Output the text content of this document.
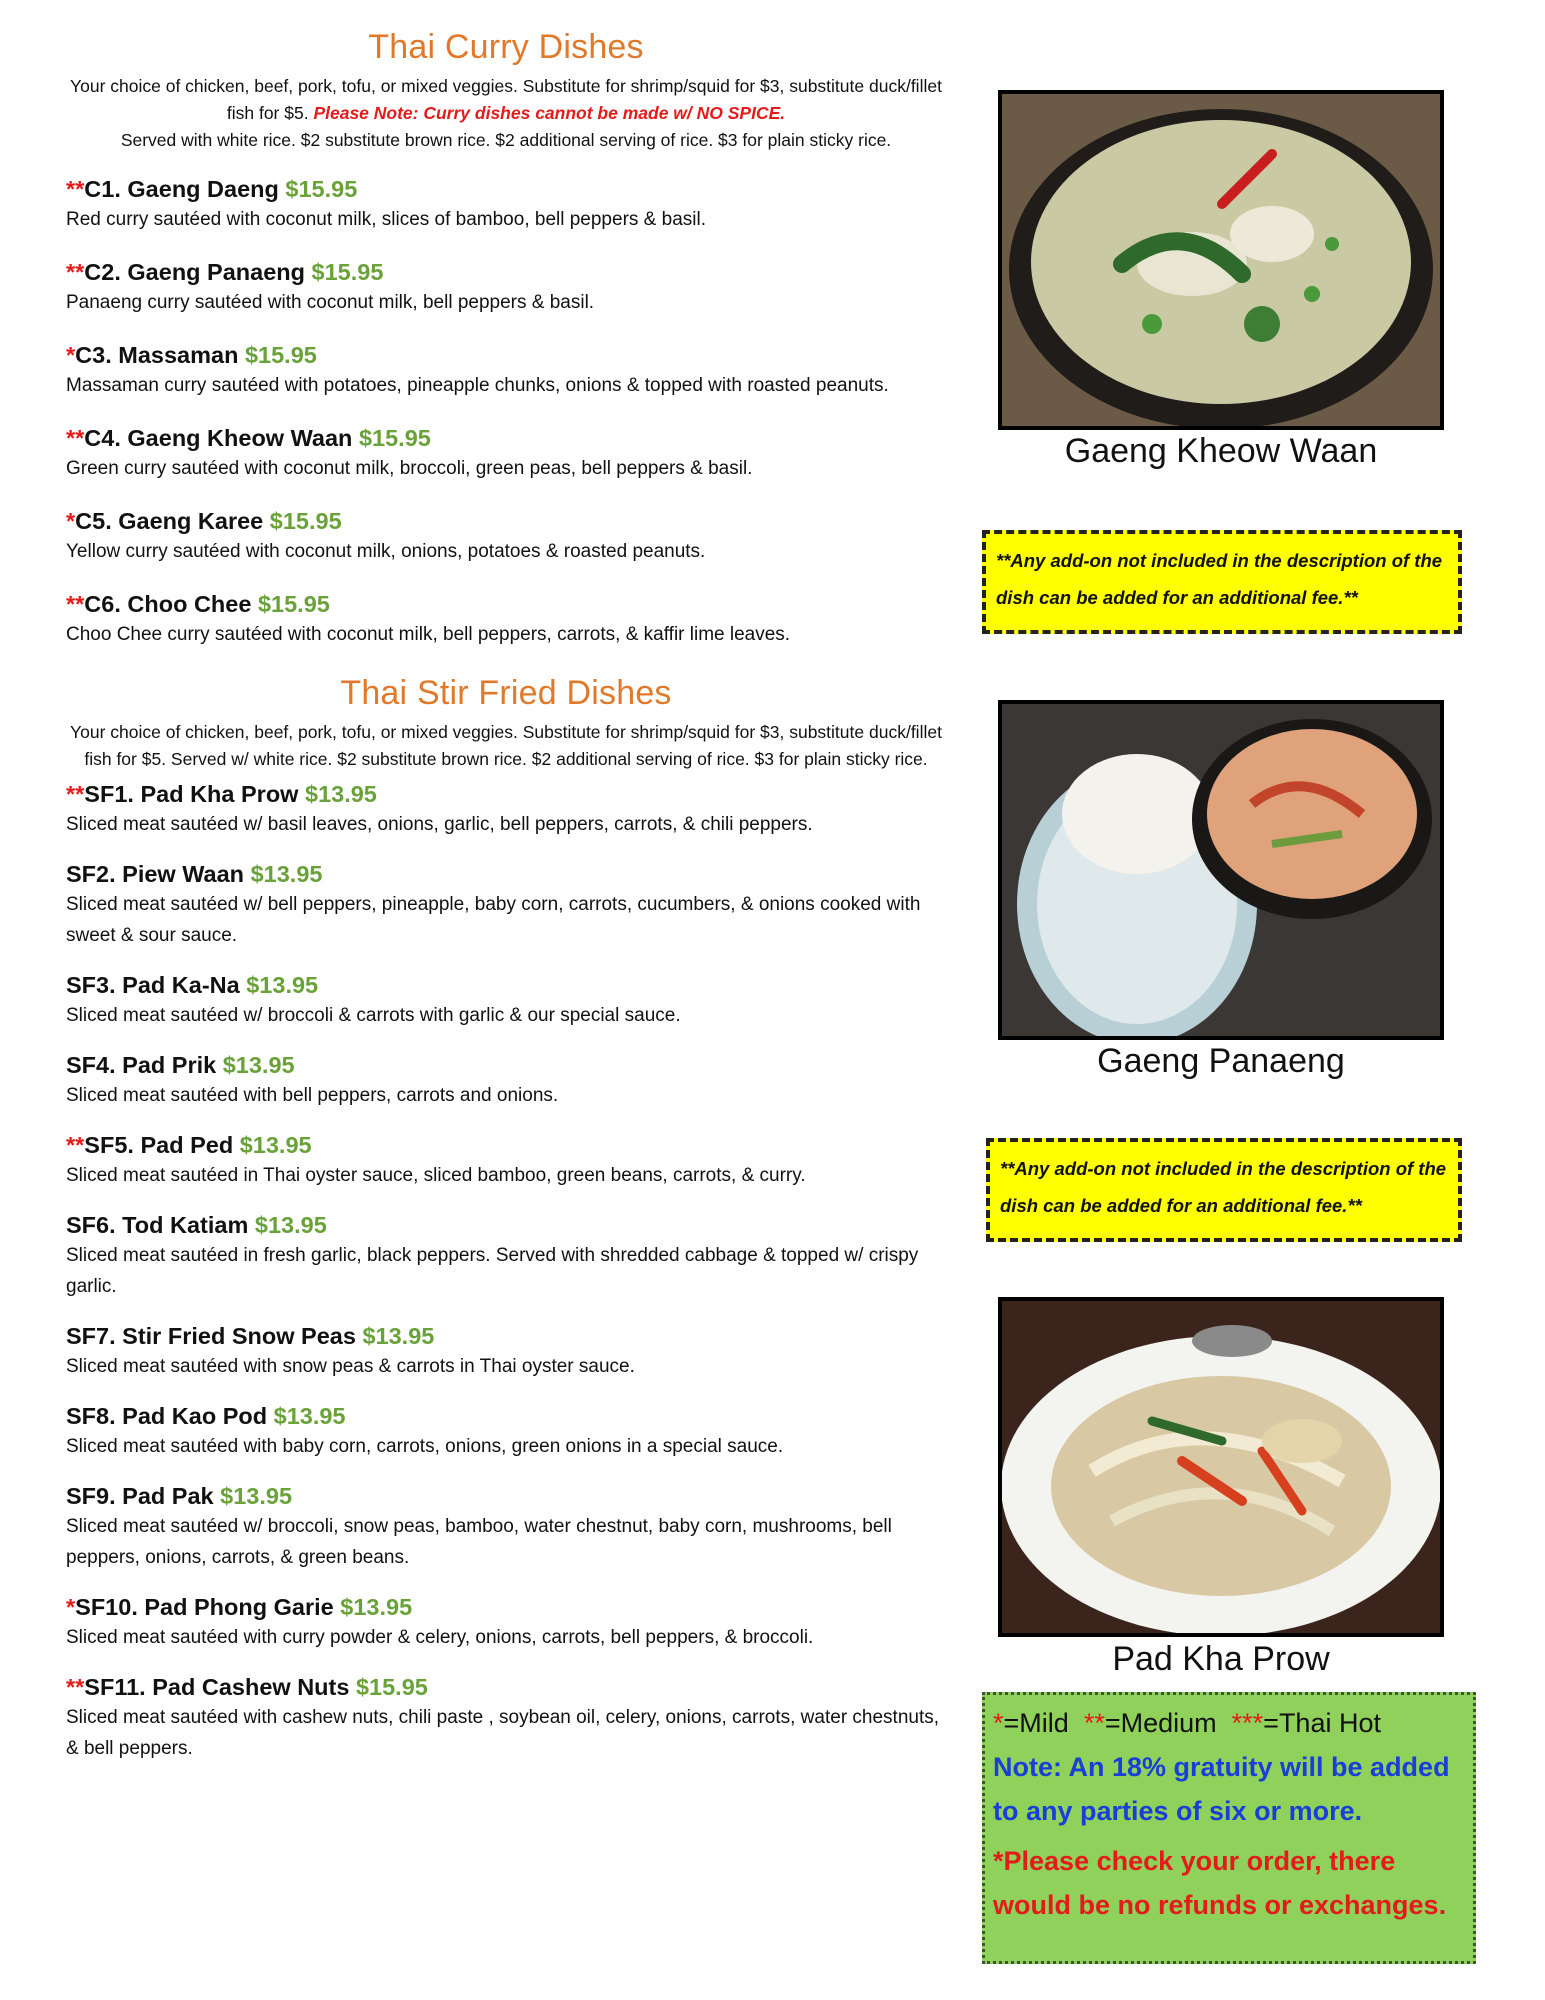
Thai Curry Dishes

Your choice of chicken, beef, pork, tofu, or mixed veggies. Substitute for shrimp/squid for $3, substitute duck/fillet fish for $5. Please Note: Curry dishes cannot be made w/ NO SPICE.
Served with white rice. $2 substitute brown rice. $2 additional serving of rice. $3 for plain sticky rice.

**C1. Gaeng Daeng $15.95
Red curry sautéed with coconut milk, slices of bamboo, bell peppers & basil.
**C2. Gaeng Panaeng $15.95
Panaeng curry sautéed with coconut milk, bell peppers & basil.
*C3. Massaman $15.95
Massaman curry sautéed with potatoes, pineapple chunks, onions & topped with roasted peanuts.
**C4. Gaeng Kheow Waan $15.95
Green curry sautéed with coconut milk, broccoli, green peas, bell peppers & basil.
*C5. Gaeng Karee $15.95
Yellow curry sautéed with coconut milk, onions, potatoes & roasted peanuts.
**C6. Choo Chee $15.95
Choo Chee curry sautéed with coconut milk, bell peppers, carrots, & kaffir lime leaves.
Thai Stir Fried Dishes

Your choice of chicken, beef, pork, tofu, or mixed veggies. Substitute for shrimp/squid for $3, substitute duck/fillet fish for $5. Served w/ white rice. $2 substitute brown rice. $2 additional serving of rice. $3 for plain sticky rice.

**SF1. Pad Kha Prow $13.95
Sliced meat sautéed w/ basil leaves, onions, garlic, bell peppers, carrots, & chili peppers.
SF2. Piew Waan $13.95
Sliced meat sautéed w/ bell peppers, pineapple, baby corn, carrots, cucumbers, & onions cooked with sweet & sour sauce.
SF3. Pad Ka-Na $13.95
Sliced meat sautéed w/ broccoli & carrots with garlic & our special sauce.
SF4. Pad Prik $13.95
Sliced meat sautéed with bell peppers, carrots and onions.
**SF5. Pad Ped $13.95
Sliced meat sautéed in Thai oyster sauce, sliced bamboo, green beans, carrots, & curry.
SF6. Tod Katiam $13.95
Sliced meat sautéed in fresh garlic, black peppers. Served with shredded cabbage & topped w/ crispy garlic.
SF7. Stir Fried Snow Peas $13.95
Sliced meat sautéed with snow peas & carrots in Thai oyster sauce.
SF8. Pad Kao Pod $13.95
Sliced meat sautéed with baby corn, carrots, onions, green onions in a special sauce.
SF9. Pad Pak $13.95
Sliced meat sautéed w/ broccoli, snow peas, bamboo, water chestnut, baby corn, mushrooms, bell peppers, onions, carrots, & green beans.
*SF10. Pad Phong Garie $13.95
Sliced meat sautéed with curry powder & celery, onions, carrots, bell peppers, & broccoli.
**SF11. Pad Cashew Nuts $15.95
Sliced meat sautéed with cashew nuts, chili paste , soybean oil, celery, onions, carrots, water chestnuts, & bell peppers.
Gaeng Kheow Waan
**Any add-on not included in the description of the dish can be added for an additional fee.**
Gaeng Panaeng
**Any add-on not included in the description of the dish can be added for an additional fee.**
Pad Kha Prow
*=Mild **=Medium ***=Thai Hot
Note: An 18% gratuity will be added to any parties of six or more.
*Please check your order, there would be no refunds or exchanges.
